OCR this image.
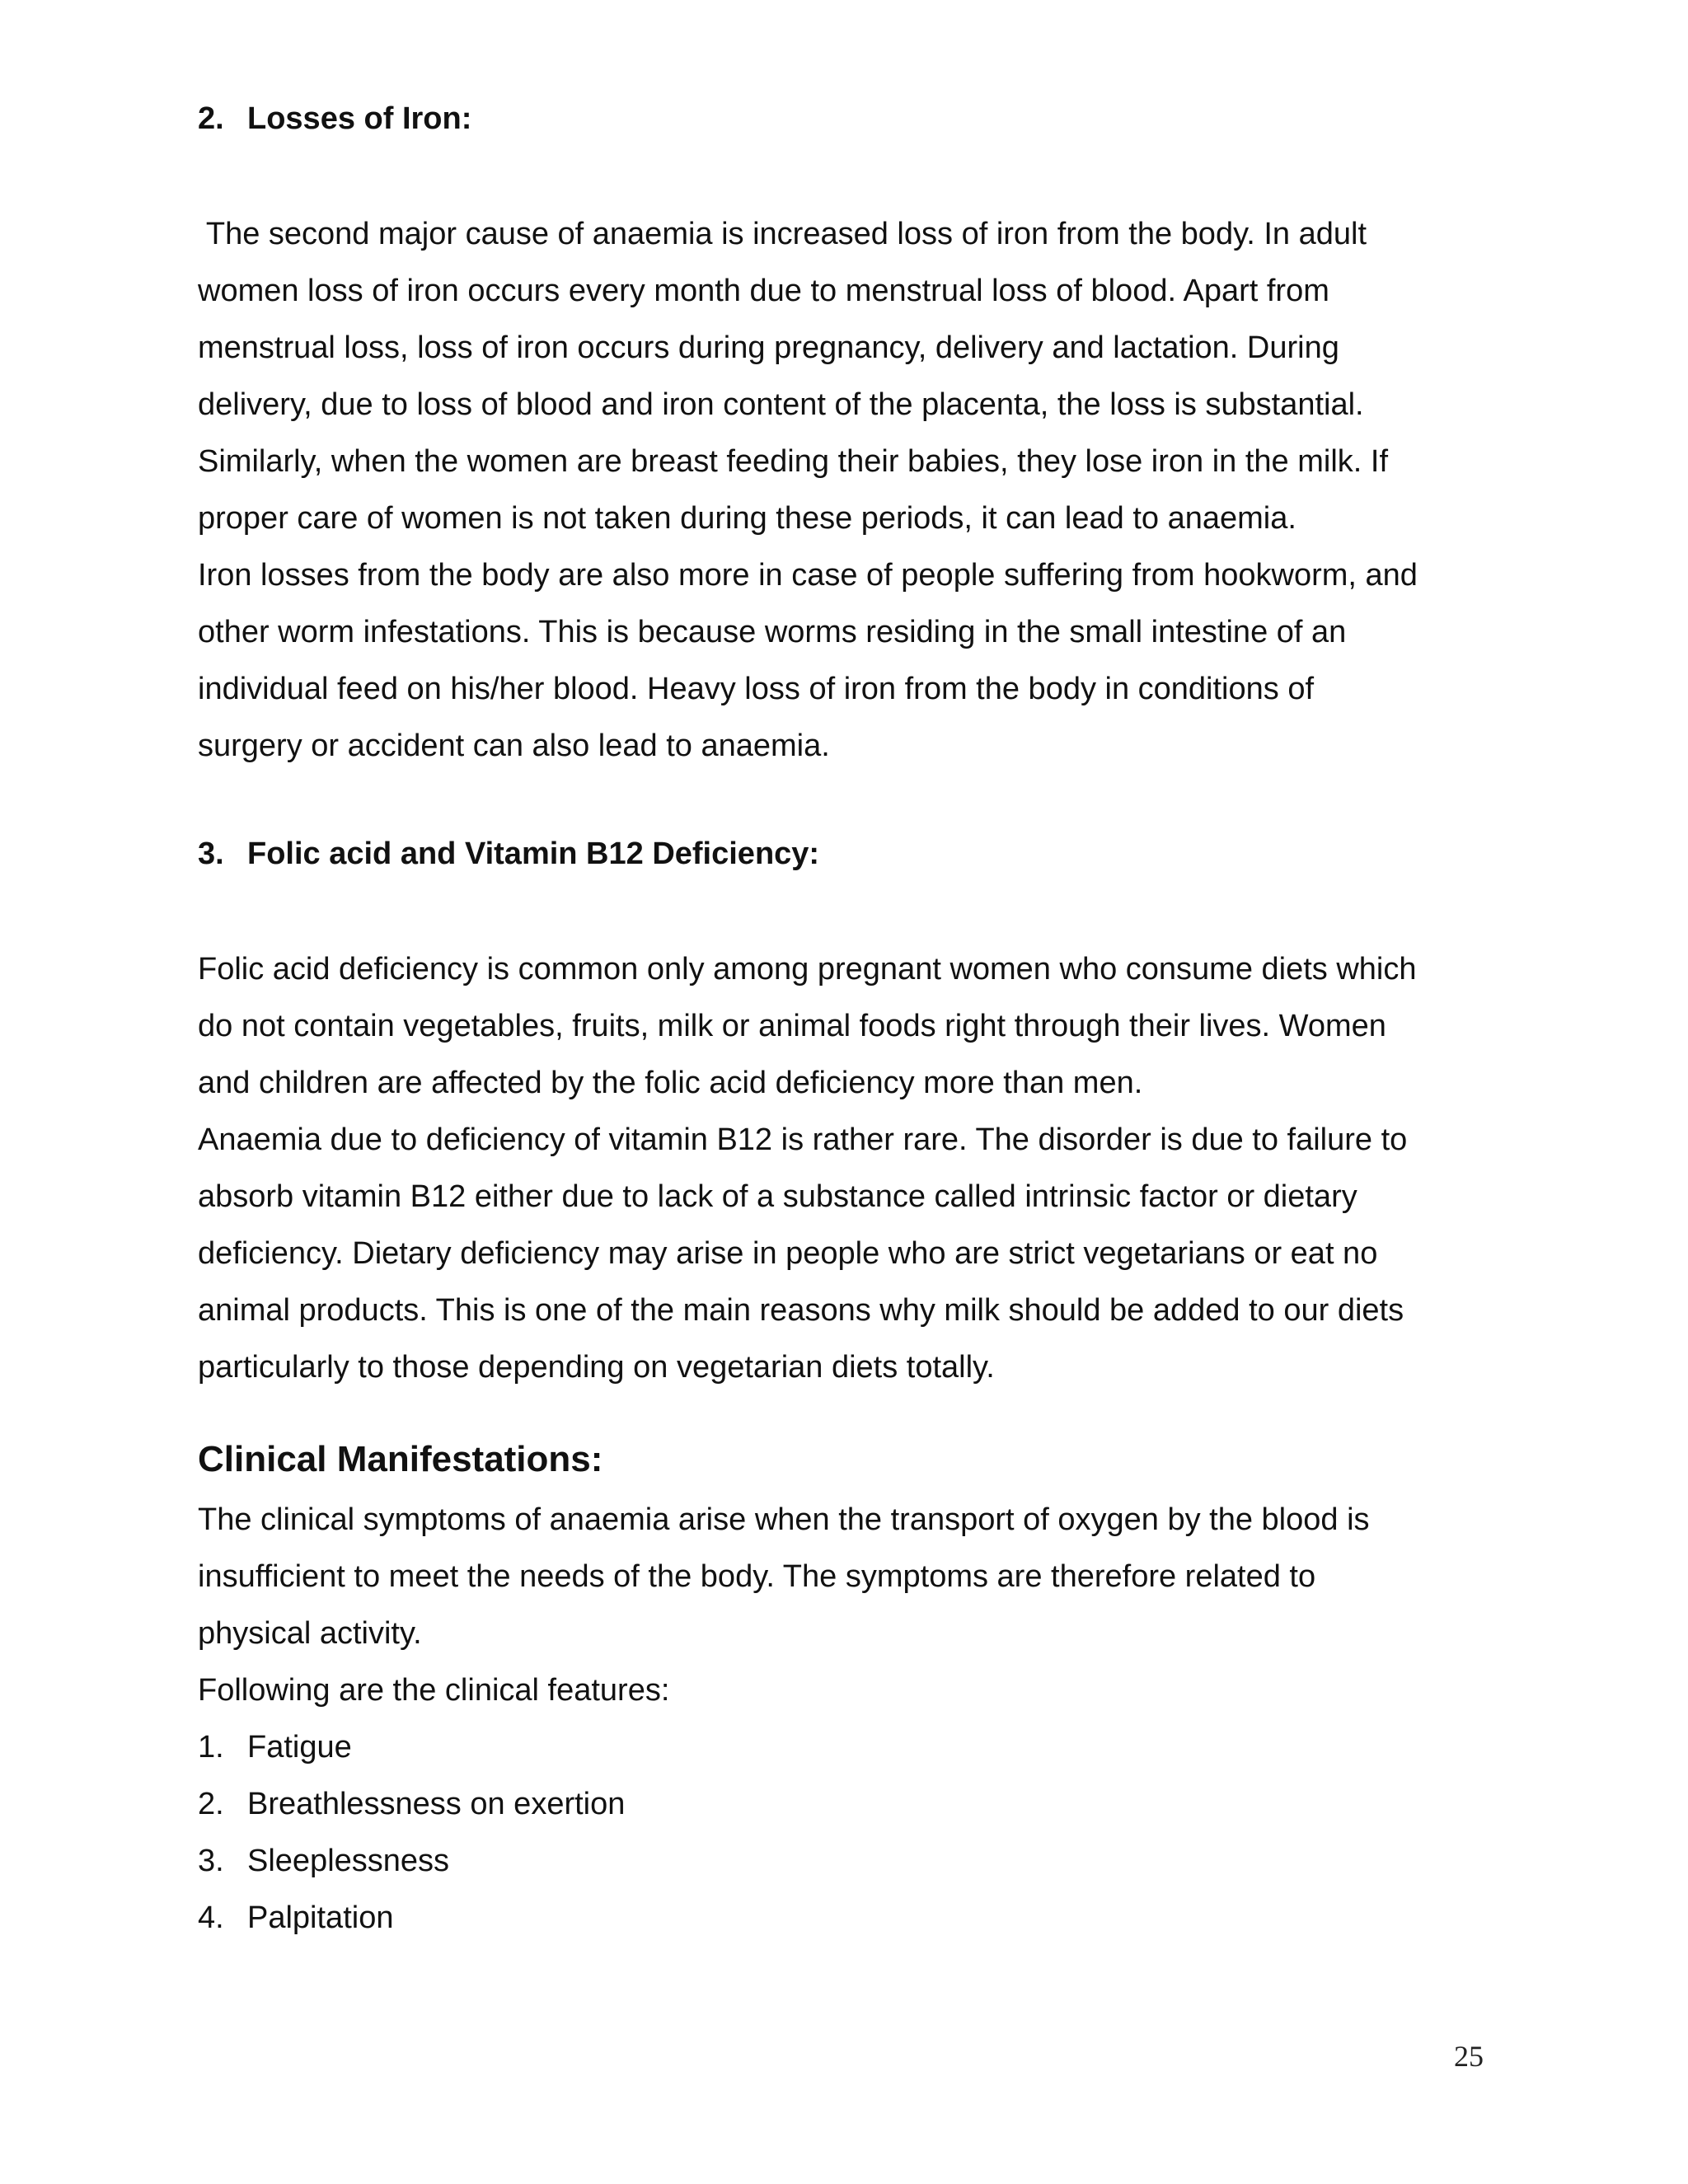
2. Losses of Iron:

The second major cause of anaemia is increased loss of iron from the body. In adult
women loss of iron occurs every month due to menstrual loss of blood. Apart from
menstrual loss, loss of iron occurs during pregnancy, delivery and lactation. During
delivery, due to loss of blood and iron content of the placenta, the loss is substantial.
Similarly, when the women are breast feeding their babies, they lose iron in the milk. If
proper care of women is not taken during these periods, it can lead to anaemia.
Iron losses from the body are also more in case of people suffering from hookworm, and
other worm infestations. This is because worms residing in the small intestine of an
individual feed on his/her blood. Heavy loss of iron from the body in conditions of
surgery or accident can also lead to anaemia.

3. Folic acid and Vitamin B12 Deficiency:

Folic acid deficiency is common only among pregnant women who consume diets which
do not contain vegetables, fruits, milk or animal foods right through their lives. Women
and children are affected by the folic acid deficiency more than men.
Anaemia due to deficiency of vitamin B12 is rather rare. The disorder is due to failure to
absorb vitamin B12 either due to lack of a substance called intrinsic factor or dietary
deficiency. Dietary deficiency may arise in people who are strict vegetarians or eat no
animal products. This is one of the main reasons why milk should be added to our diets
particularly to those depending on vegetarian diets totally.

Clinical Manifestations:

The clinical symptoms of anaemia arise when the transport of oxygen by the blood is
insufficient to meet the needs of the body. The symptoms are therefore related to
physical activity.
Following are the clinical features:

1. Fatigue
2. Breathlessness on exertion
3. Sleeplessness
4. Palpitation
25
